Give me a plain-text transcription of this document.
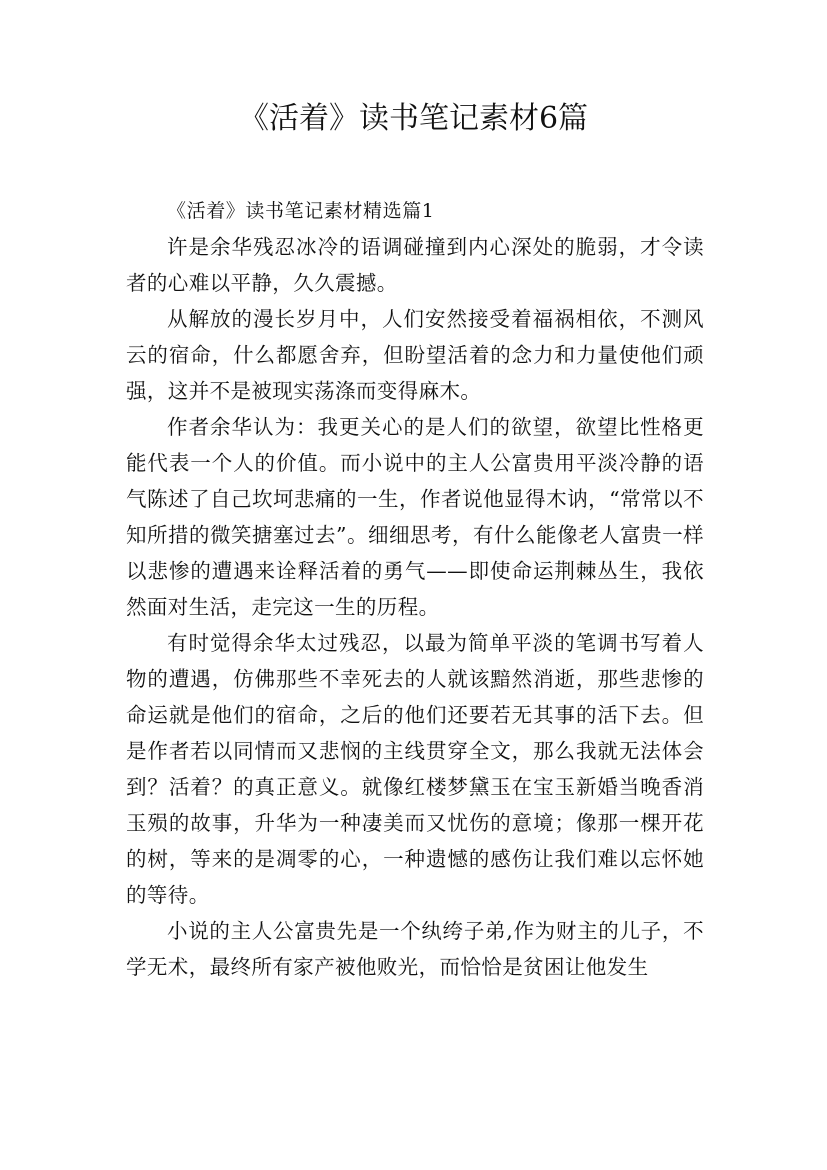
《活着》读书笔记素材6篇

《活着》读书笔记素材精选篇1

许是余华残忍冰冷的语调碰撞到内心深处的脆弱，才令读者的心难以平静，久久震撼。

从解放的漫长岁月中，人们安然接受着福祸相依，不测风云的宿命，什么都愿舍弃，但盼望活着的念力和力量使他们顽强，这并不是被现实荡涤而变得麻木。

作者余华认为：我更关心的是人们的欲望，欲望比性格更能代表一个人的价值。而小说中的主人公富贵用平淡冷静的语气陈述了自己坎坷悲痛的一生，作者说他显得木讷，“常常以不知所措的微笑搪塞过去”。细细思考，有什么能像老人富贵一样以悲惨的遭遇来诠释活着的勇气——即使命运荆棘丛生，我依然面对生活，走完这一生的历程。

有时觉得余华太过残忍，以最为简单平淡的笔调书写着人物的遭遇，仿佛那些不幸死去的人就该黯然消逝，那些悲惨的命运就是他们的宿命，之后的他们还要若无其事的活下去。但是作者若以同情而又悲悯的主线贯穿全文，那么我就无法体会到？活着？的真正意义。就像红楼梦黛玉在宝玉新婚当晚香消玉殒的故事，升华为一种凄美而又忧伤的意境；像那一棵开花的树，等来的是凋零的心，一种遗憾的感伤让我们难以忘怀她的等待。

小说的主人公富贵先是一个纨绔子弟,作为财主的儿子，不学无术，最终所有家产被他败光，而恰恰是贫困让他发生
